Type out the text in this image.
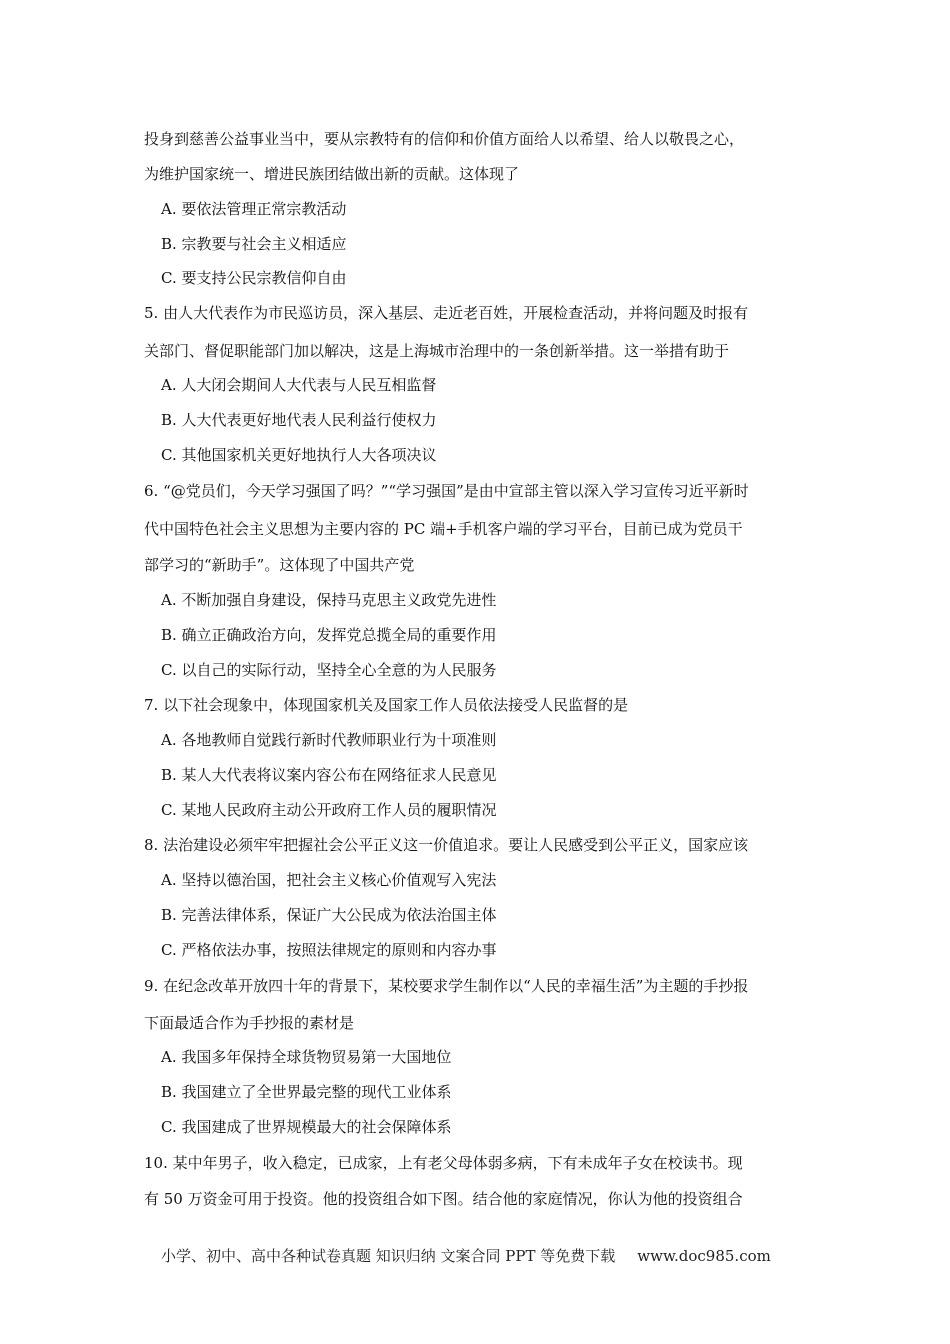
投身到慈善公益事业当中，要从宗教特有的信仰和价值方面给人以希望、给人以敬畏之心，
为维护国家统一、增进民族团结做出新的贡献。这体现了
A. 要依法管理正常宗教活动
B. 宗教要与社会主义相适应
C. 要支持公民宗教信仰自由
5. 由人大代表作为市民巡访员，深入基层、走近老百姓，开展检查活动，并将问题及时报有
关部门、督促职能部门加以解决，这是上海城市治理中的一条创新举措。这一举措有助于
A. 人大闭会期间人大代表与人民互相监督
B. 人大代表更好地代表人民利益行使权力
C. 其他国家机关更好地执行人大各项决议
6. “@党员们，今天学习强国了吗？”“学习强国”是由中宣部主管以深入学习宣传习近平新时
代中国特色社会主义思想为主要内容的 PC 端+手机客户端的学习平台，目前已成为党员干
部学习的“新助手”。这体现了中国共产党
A. 不断加强自身建设，保持马克思主义政党先进性
B. 确立正确政治方向，发挥党总揽全局的重要作用
C. 以自己的实际行动，坚持全心全意的为人民服务
7. 以下社会现象中，体现国家机关及国家工作人员依法接受人民监督的是
A. 各地教师自觉践行新时代教师职业行为十项准则
B. 某人大代表将议案内容公布在网络征求人民意见
C. 某地人民政府主动公开政府工作人员的履职情况
8. 法治建设必须牢牢把握社会公平正义这一价值追求。要让人民感受到公平正义，国家应该
A. 坚持以德治国，把社会主义核心价值观写入宪法
B. 完善法律体系，保证广大公民成为依法治国主体
C. 严格依法办事，按照法律规定的原则和内容办事
9. 在纪念改革开放四十年的背景下，某校要求学生制作以“人民的幸福生活”为主题的手抄报
下面最适合作为手抄报的素材是
A. 我国多年保持全球货物贸易第一大国地位
B. 我国建立了全世界最完整的现代工业体系
C. 我国建成了世界规模最大的社会保障体系
10. 某中年男子，收入稳定，已成家，上有老父母体弱多病，下有未成年子女在校读书。现
有 50 万资金可用于投资。他的投资组合如下图。结合他的家庭情况，你认为他的投资组合
小学、初中、高中各种试卷真题 知识归纳 文案合同 PPT 等免费下载 www.doc985.com
